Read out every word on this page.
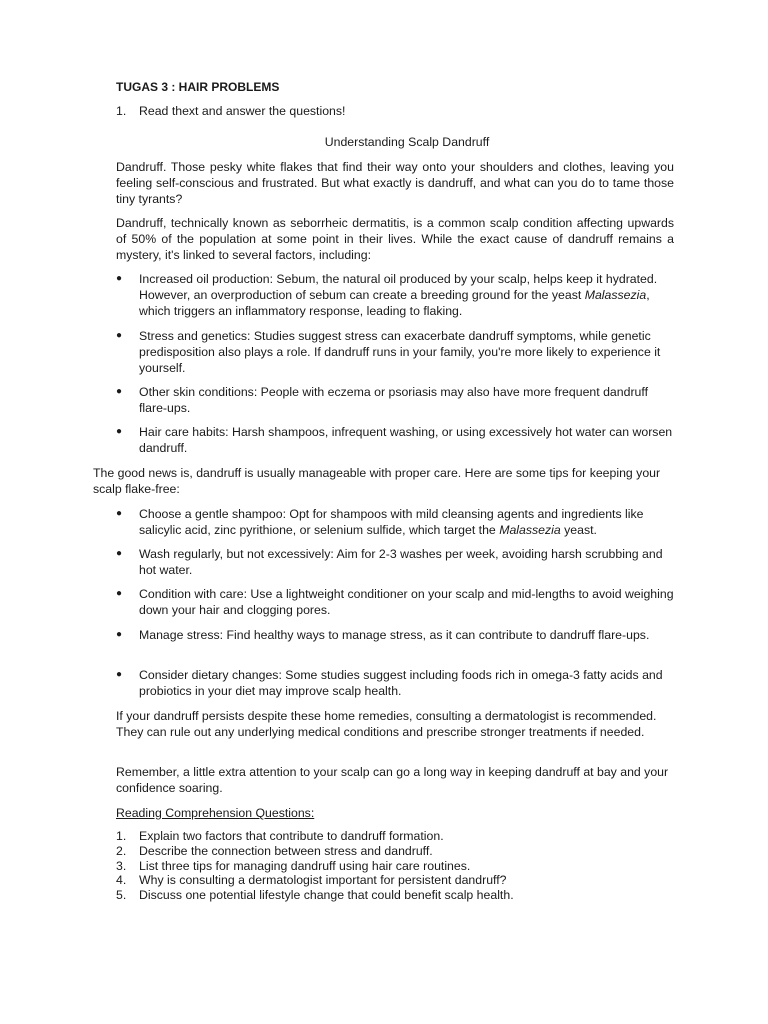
TUGAS 3 : HAIR PROBLEMS
1.	Read thext and answer the questions!
Understanding Scalp Dandruff
Dandruff. Those pesky white flakes that find their way onto your shoulders and clothes, leaving you feeling self-conscious and frustrated. But what exactly is dandruff, and what can you do to tame those tiny tyrants?
Dandruff, technically known as seborrheic dermatitis, is a common scalp condition affecting upwards of 50% of the population at some point in their lives. While the exact cause of dandruff remains a mystery, it's linked to several factors, including:
●	Increased oil production: Sebum, the natural oil produced by your scalp, helps keep it hydrated. However, an overproduction of sebum can create a breeding ground for the yeast Malassezia, which triggers an inflammatory response, leading to flaking.
●	Stress and genetics: Studies suggest stress can exacerbate dandruff symptoms, while genetic predisposition also plays a role. If dandruff runs in your family, you're more likely to experience it yourself.
●	Other skin conditions: People with eczema or psoriasis may also have more frequent dandruff flare-ups.
●	Hair care habits: Harsh shampoos, infrequent washing, or using excessively hot water can worsen dandruff.
The good news is, dandruff is usually manageable with proper care. Here are some tips for keeping your scalp flake-free:
●	Choose a gentle shampoo: Opt for shampoos with mild cleansing agents and ingredients like salicylic acid, zinc pyrithione, or selenium sulfide, which target the Malassezia yeast.
●	Wash regularly, but not excessively: Aim for 2-3 washes per week, avoiding harsh scrubbing and hot water.
●	Condition with care: Use a lightweight conditioner on your scalp and mid-lengths to avoid weighing down your hair and clogging pores.
●	Manage stress: Find healthy ways to manage stress, as it can contribute to dandruff flare-ups.
●	Consider dietary changes: Some studies suggest including foods rich in omega-3 fatty acids and probiotics in your diet may improve scalp health.
If your dandruff persists despite these home remedies, consulting a dermatologist is recommended. They can rule out any underlying medical conditions and prescribe stronger treatments if needed.
Remember, a little extra attention to your scalp can go a long way in keeping dandruff at bay and your confidence soaring.
Reading Comprehension Questions:
1.	Explain two factors that contribute to dandruff formation.
2.	Describe the connection between stress and dandruff.
3.	List three tips for managing dandruff using hair care routines.
4.	Why is consulting a dermatologist important for persistent dandruff?
5.	Discuss one potential lifestyle change that could benefit scalp health.
